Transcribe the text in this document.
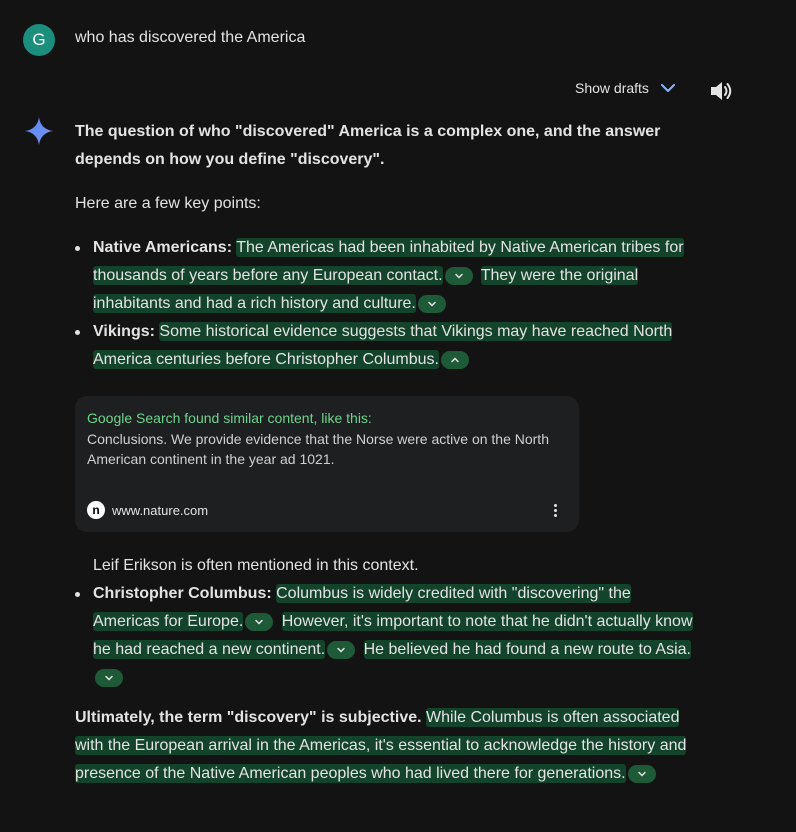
G	who has discovered the America
Show drafts

The question of who "discovered" America is a complex one, and the answer depends on how you define "discovery".

Here are a few key points:

Native Americans: The Americas had been inhabited by Native American tribes for thousands of years before any European contact. They were the original inhabitants and had a rich history and culture.
Vikings: Some historical evidence suggests that Vikings may have reached North America centuries before Christopher Columbus.
Google Search found similar content, like this:
Conclusions. We provide evidence that the Norse were active on the North American continent in the year ad 1021.
n www.nature.com

Leif Erikson is often mentioned in this context.

Christopher Columbus: Columbus is widely credited with "discovering" the Americas for Europe. However, it's important to note that he didn't actually know he had reached a new continent. He believed he had found a new route to Asia.

Ultimately, the term "discovery" is subjective. While Columbus is often associated with the European arrival in the Americas, it's essential to acknowledge the history and presence of the Native American peoples who had lived there for generations.
